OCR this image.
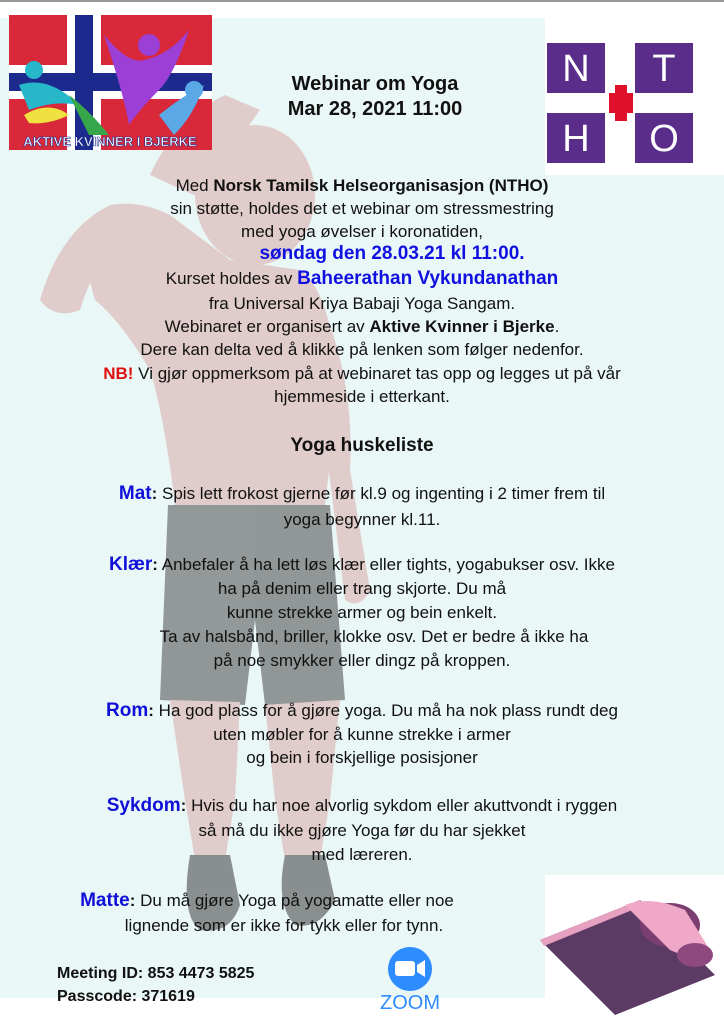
AKTIVE KVINNER I BJERKE
N T
H O
Webinar om Yoga
Mar 28, 2021 11:00
Med Norsk Tamilsk Helseorganisasjon (NTHO)
sin støtte, holdes det et webinar om stressmestring
med yoga øvelser i koronatiden,
søndag den 28.03.21 kl 11:00.
Kurset holdes av Baheerathan Vykundanathan
fra Universal Kriya Babaji Yoga Sangam.
Webinaret er organisert av Aktive Kvinner i Bjerke.
Dere kan delta ved å klikke på lenken som følger nedenfor.
NB! Vi gjør oppmerksom på at webinaret tas opp og legges ut på vår
hjemmeside i etterkant.
Yoga huskeliste
Mat: Spis lett frokost gjerne før kl.9 og ingenting i 2 timer frem til
yoga begynner kl.11.
Klær: Anbefaler å ha lett løs klær eller tights, yogabukser osv. Ikke
ha på denim eller trang skjorte. Du må
kunne strekke armer og bein enkelt.
Ta av halsbånd, briller, klokke osv. Det er bedre å ikke ha
på noe smykker eller dingz på kroppen.
Rom: Ha god plass for å gjøre yoga. Du må ha nok plass rundt deg
uten møbler for å kunne strekke i armer
og bein i forskjellige posisjoner
Sykdom: Hvis du har noe alvorlig sykdom eller akuttvondt i ryggen
så må du ikke gjøre Yoga før du har sjekket
med læreren.
Matte: Du må gjøre Yoga på yogamatte eller noe
lignende som er ikke for tykk eller for tynn.
Meeting ID: 853 4473 5825
Passcode: 371619	ZOOM
